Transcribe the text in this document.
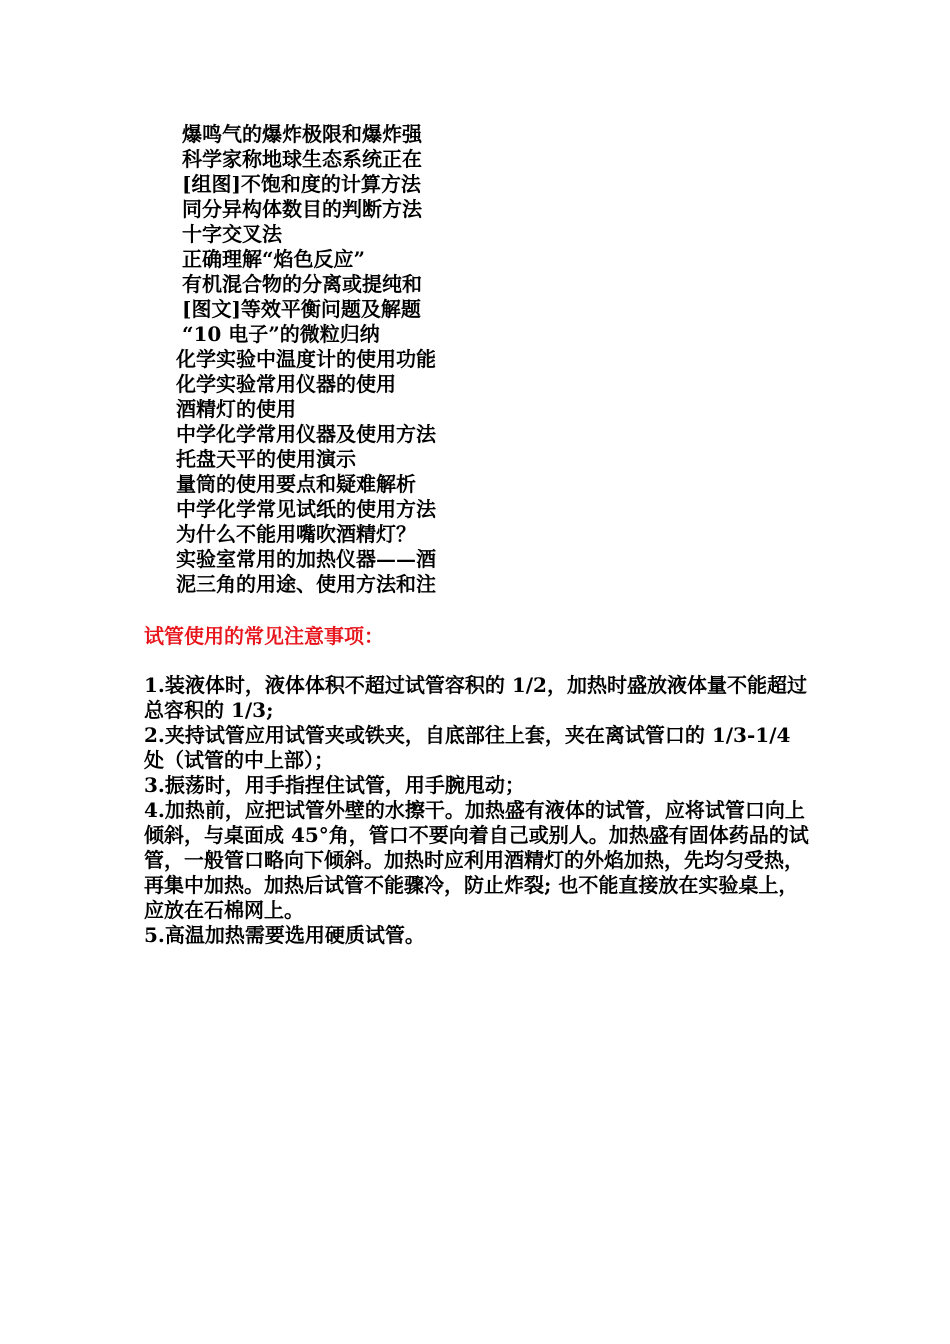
爆鸣气的爆炸极限和爆炸强
科学家称地球生态系统正在
[组图]不饱和度的计算方法
同分异构体数目的判断方法
十字交叉法
正确理解“焰色反应”
有机混合物的分离或提纯和
[图文]等效平衡问题及解题
“10 电子”的微粒归纳
化学实验中温度计的使用功能
化学实验常用仪器的使用
酒精灯的使用
中学化学常用仪器及使用方法
托盘天平的使用演示
量筒的使用要点和疑难解析
中学化学常见试纸的使用方法
为什么不能用嘴吹酒精灯？
实验室常用的加热仪器——酒
泥三角的用途、使用方法和注
试管使用的常见注意事项：
1.装液体时，液体体积不超过试管容积的 1/2，加热时盛放液体量不能超过总容积的 1/3;
2.夹持试管应用试管夹或铁夹，自底部往上套，夹在离试管口的 1/3-1/4 处（试管的中上部）；
3.振荡时，用手指捏住试管，用手腕甩动；
4.加热前，应把试管外壁的水擦干。加热盛有液体的试管，应将试管口向上倾斜，与桌面成 45°角，管口不要向着自己或别人。加热盛有固体药品的试管，一般管口略向下倾斜。加热时应利用酒精灯的外焰加热，先均匀受热，再集中加热。加热后试管不能骤冷，防止炸裂; 也不能直接放在实验桌上，应放在石棉网上。
5.高温加热需要选用硬质试管。
